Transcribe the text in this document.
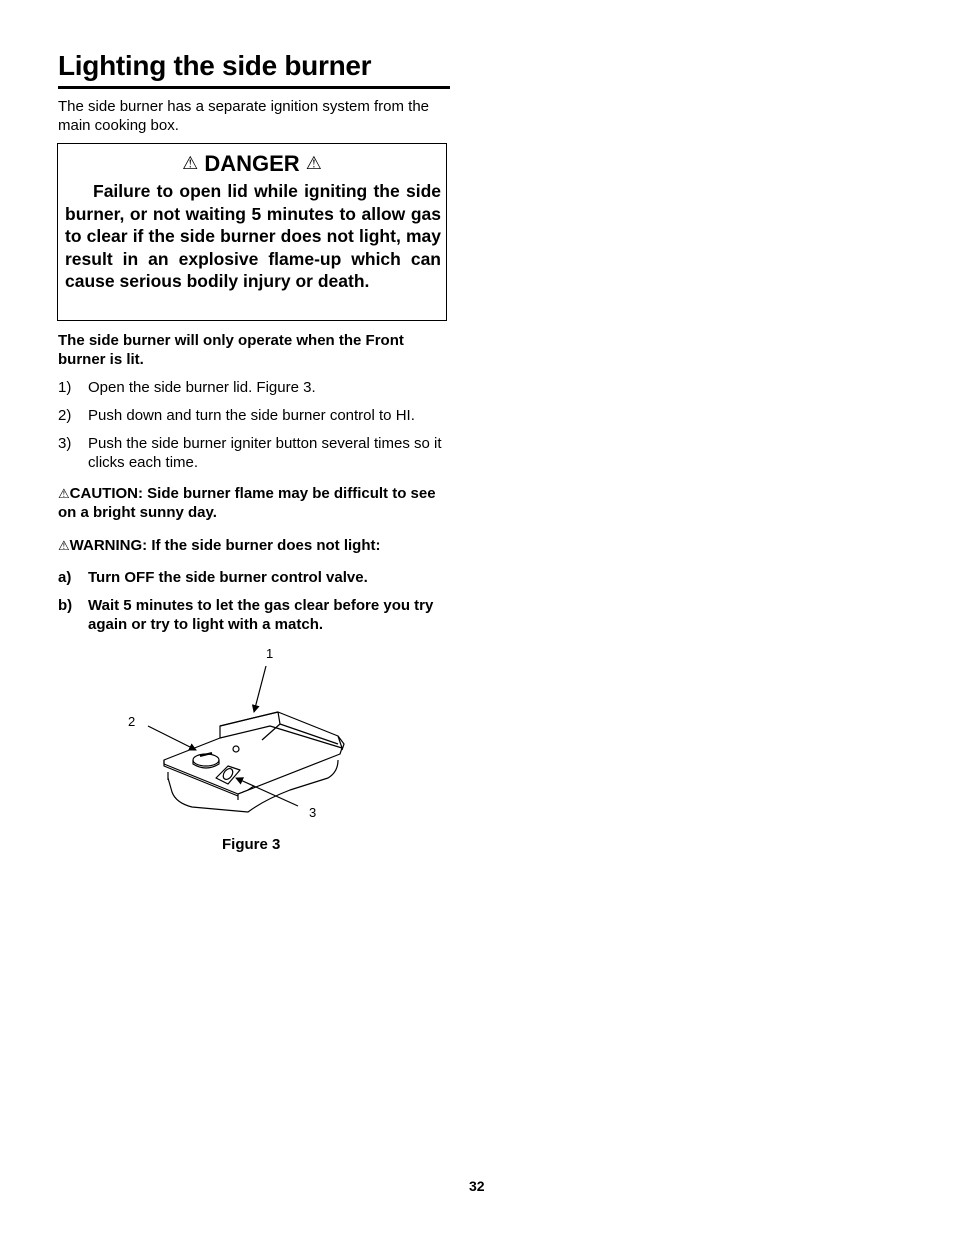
Lighting the side burner

The side burner has a separate ignition system from the main cooking box.

⚠ DANGER ⚠

Failure to open lid while igniting the side burner, or not waiting 5 minutes to allow gas to clear if the side burner does not light, may result in an explosive flame-up which can cause serious bodily injury or death.

The side burner will only operate when the Front burner is lit.

1) Open the side burner lid. Figure 3.
2) Push down and turn the side burner control to HI.
3) Push the side burner igniter button several times so it clicks each time.

⚠CAUTION: Side burner flame may be difficult to see on a bright sunny day.

⚠WARNING: If the side burner does not light:

a) Turn OFF the side burner control valve.
b) Wait 5 minutes to let the gas clear before you try again or try to light with a match.
1
2
3
Figure 3
32
